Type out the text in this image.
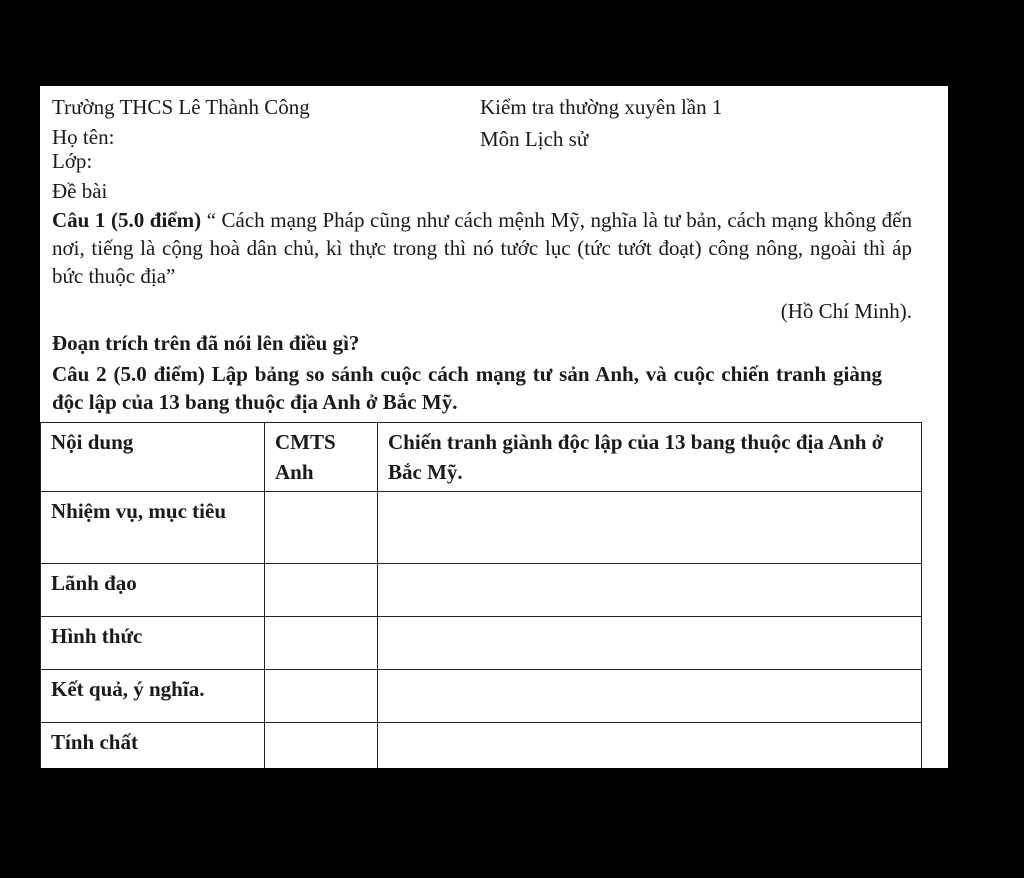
Trường THCS Lê Thành Công	Kiểm tra thường xuyên lần 1
Họ tên:	Môn Lịch sử
Lớp:
Đề bài
Câu 1 (5.0 điểm) “ Cách mạng Pháp cũng như cách mệnh Mỹ, nghĩa là tư bản, cách mạng không đến nơi, tiếng là cộng hoà dân chủ, kì thực trong thì nó tước lục (tức tướt đoạt) công nông, ngoài thì áp bức thuộc địa”
(Hồ Chí Minh).
Đoạn trích trên đã nói lên điều gì?
Câu 2 (5.0 điểm) Lập bảng so sánh cuộc cách mạng tư sản Anh, và cuộc chiến tranh giàng độc lập của 13 bang thuộc địa Anh ở Bắc Mỹ.
Nội dung	CMTS Anh	Chiến tranh giành độc lập của 13 bang thuộc địa Anh ở Bắc Mỹ.
Nhiệm vụ, mục tiêu		
Lãnh đạo		
Hình thức		
Kết quả, ý nghĩa.		
Tính chất		
